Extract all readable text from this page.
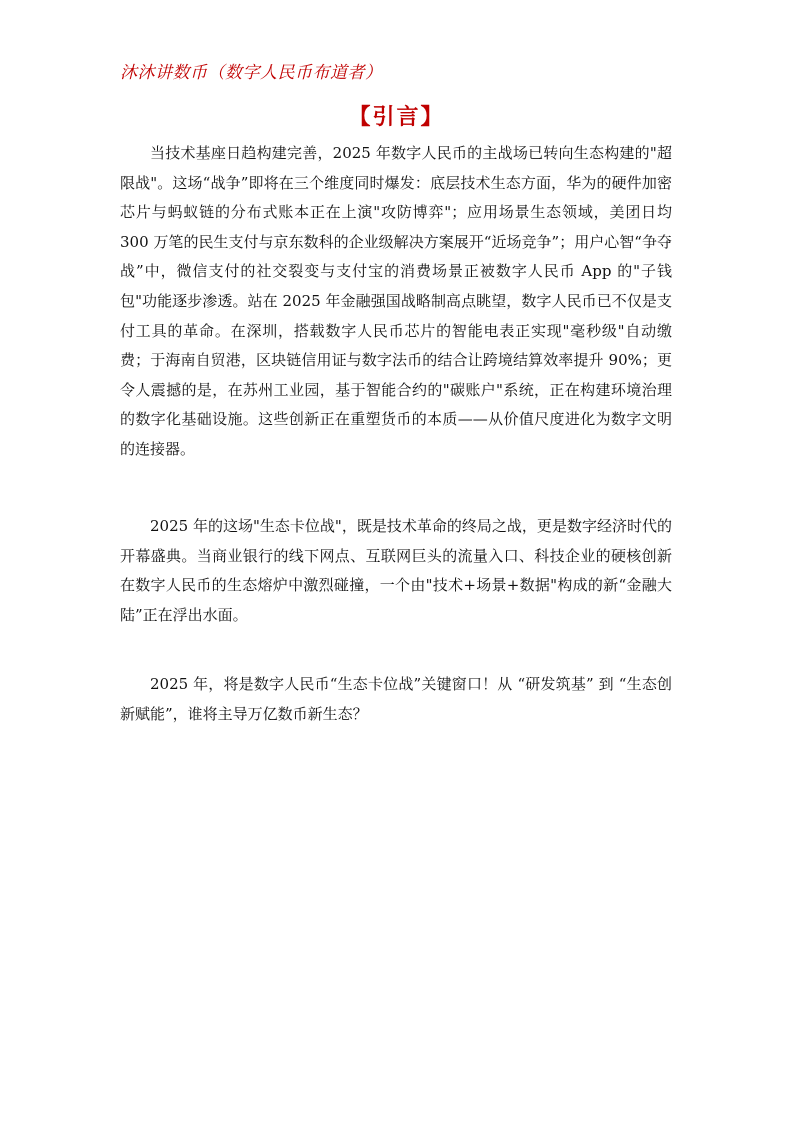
沐沐讲数币（数字人民币布道者）
【引言】

当技术基座日趋构建完善，2025 年数字人民币的主战场已转向生态构建的"超限战"。这场“战争”即将在三个维度同时爆发：底层技术生态方面，华为的硬件加密芯片与蚂蚁链的分布式账本正在上演"攻防博弈"；应用场景生态领域，美团日均 300 万笔的民生支付与京东数科的企业级解决方案展开“近场竞争”；用户心智“争夺战”中，微信支付的社交裂变与支付宝的消费场景正被数字人民币 App 的"子钱包"功能逐步渗透。站在 2025 年金融强国战略制高点眺望，数字人民币已不仅是支付工具的革命。在深圳，搭载数字人民币芯片的智能电表正实现"毫秒级"自动缴费；于海南自贸港，区块链信用证与数字法币的结合让跨境结算效率提升 90%；更令人震撼的是，在苏州工业园，基于智能合约的"碳账户"系统，正在构建环境治理的数字化基础设施。这些创新正在重塑货币的本质——从价值尺度进化为数字文明的连接器。

2025 年的这场"生态卡位战"，既是技术革命的终局之战，更是数字经济时代的开幕盛典。当商业银行的线下网点、互联网巨头的流量入口、科技企业的硬核创新在数字人民币的生态熔炉中激烈碰撞，一个由"技术+场景+数据"构成的新“金融大陆”正在浮出水面。

2025 年，将是数字人民币“生态卡位战”关键窗口！从 “研发筑基” 到 “生态创新赋能”，谁将主导万亿数币新生态？
